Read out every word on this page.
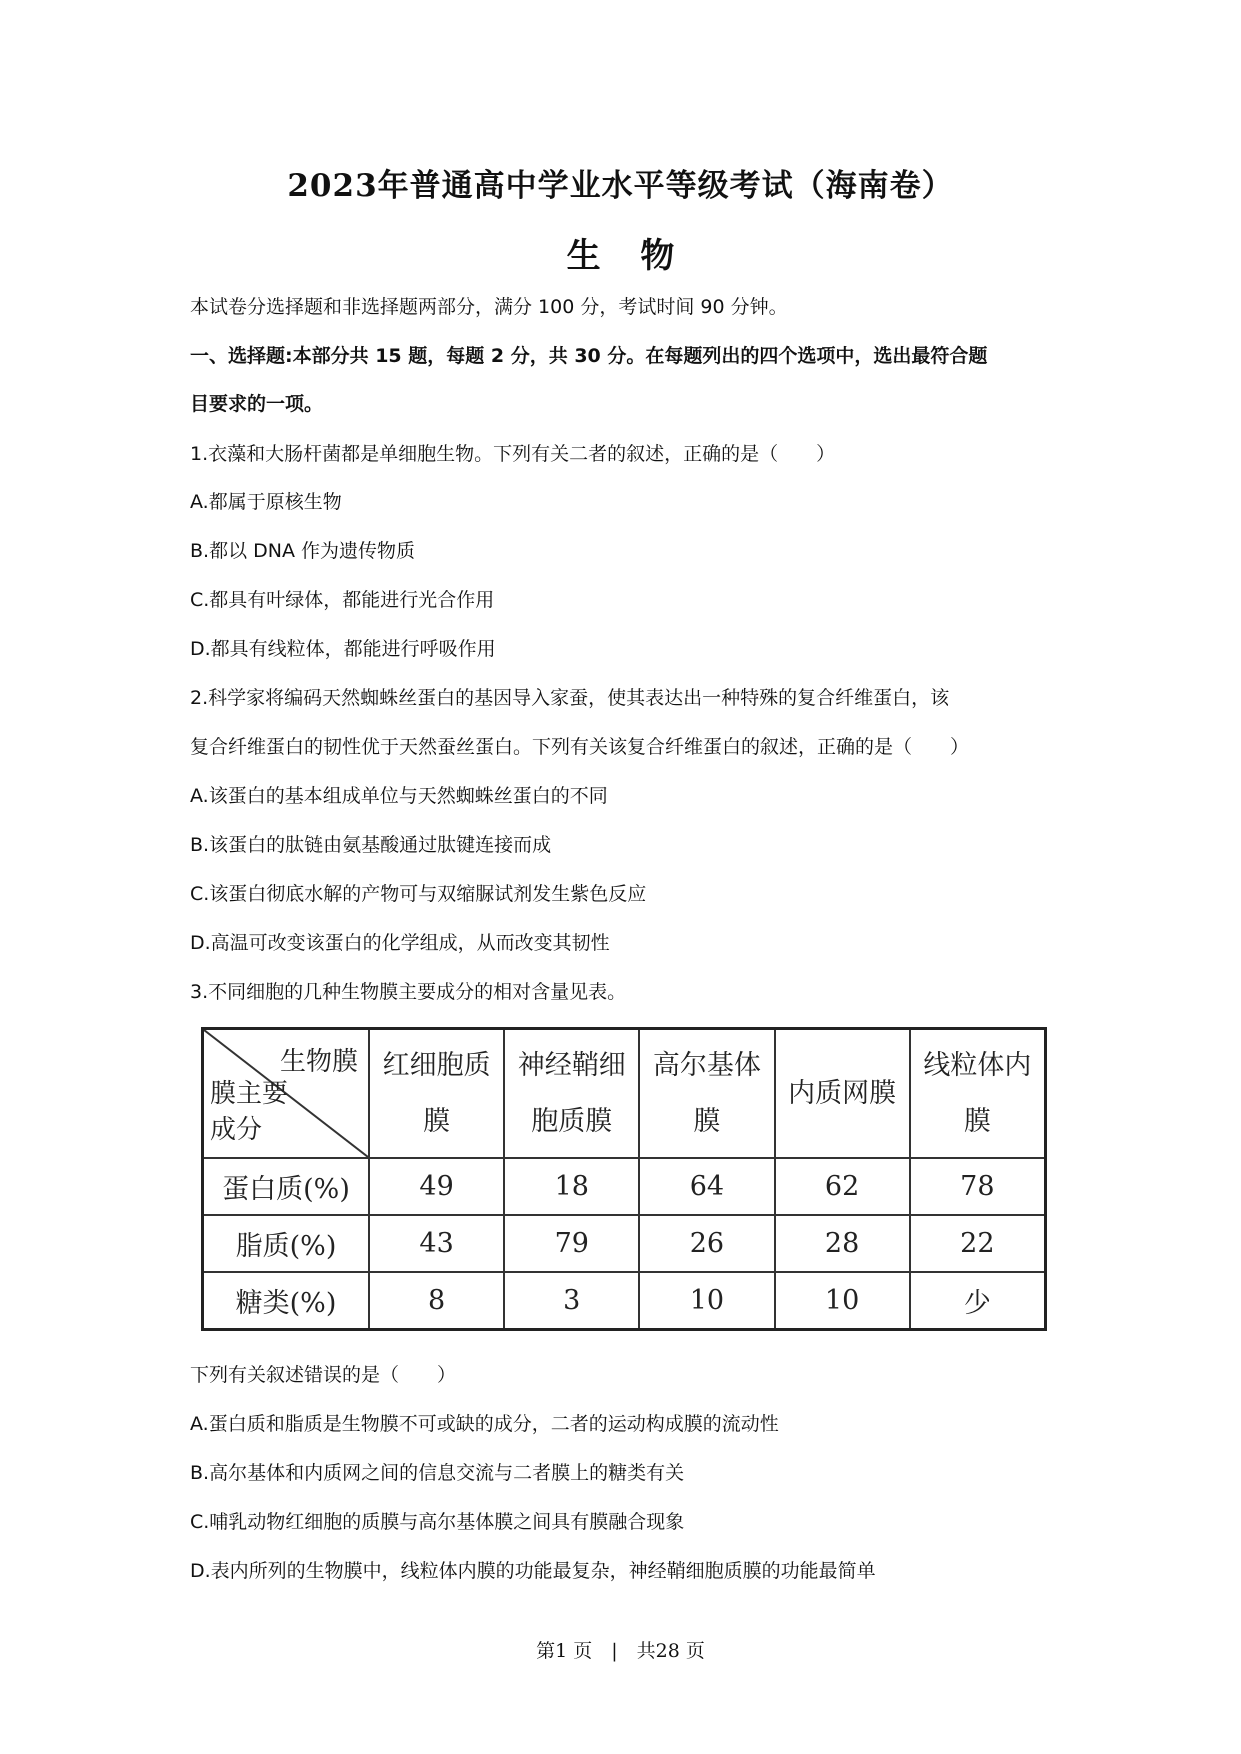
2023年普通高中学业水平等级考试（海南卷）
生 物
本试卷分选择题和非选择题两部分，满分 100 分，考试时间 90 分钟。
一、选择题:本部分共 15 题，每题 2 分，共 30 分。在每题列出的四个选项中，选出最符合题
目要求的一项。
1.衣藻和大肠杆菌都是单细胞生物。下列有关二者的叙述，正确的是（　　）
A.都属于原核生物
B.都以 DNA 作为遗传物质
C.都具有叶绿体，都能进行光合作用
D.都具有线粒体，都能进行呼吸作用
2.科学家将编码天然蜘蛛丝蛋白的基因导入家蚕，使其表达出一种特殊的复合纤维蛋白，该
复合纤维蛋白的韧性优于天然蚕丝蛋白。下列有关该复合纤维蛋白的叙述，正确的是（　　）
A.该蛋白的基本组成单位与天然蜘蛛丝蛋白的不同
B.该蛋白的肽链由氨基酸通过肽键连接而成
C.该蛋白彻底水解的产物可与双缩脲试剂发生紫色反应
D.高温可改变该蛋白的化学组成，从而改变其韧性
3.不同细胞的几种生物膜主要成分的相对含量见表。
生物膜
膜主要成分	红细胞质膜	神经鞘细胞质膜	高尔基体膜	内质网膜	线粒体内膜

蛋白质(%)	49	18	64	62	78
脂质(%)	43	79	26	28	22
糖类(%)	8	3	10	10	少
下列有关叙述错误的是（　　）
A.蛋白质和脂质是生物膜不可或缺的成分，二者的运动构成膜的流动性
B.高尔基体和内质网之间的信息交流与二者膜上的糖类有关
C.哺乳动物红细胞的质膜与高尔基体膜之间具有膜融合现象
D.表内所列的生物膜中，线粒体内膜的功能最复杂，神经鞘细胞质膜的功能最简单
第1 页　|　共28 页
